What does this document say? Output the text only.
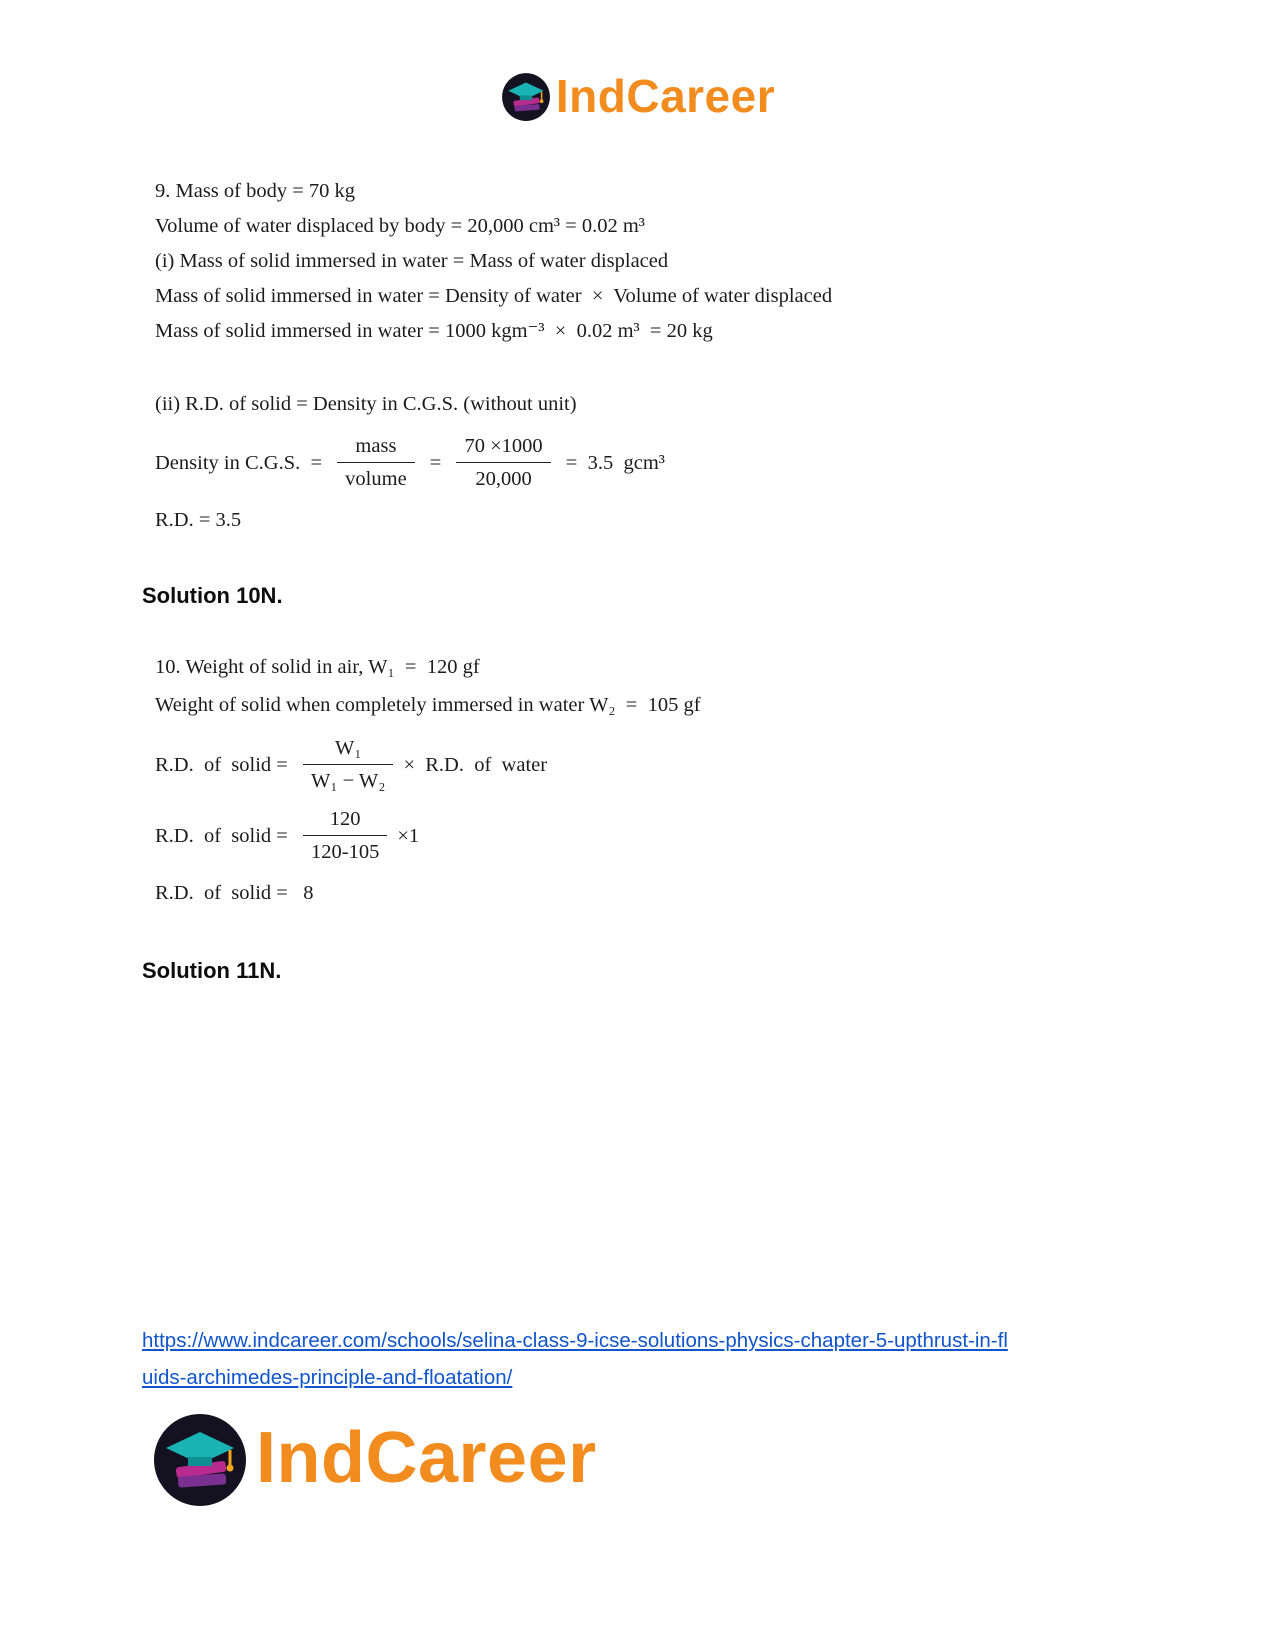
IndCareer
9. Mass of body = 70 kg
Volume of water displaced by body = 20,000 cm³ = 0.02 m³
(i) Mass of solid immersed in water = Mass of water displaced
Mass of solid immersed in water = Density of water  ×  Volume of water displaced
Mass of solid immersed in water = 1000 kgm⁻³  ×  0.02 m³  = 20 kg
(ii) R.D. of solid = Density in C.G.S. (without unit)
Density in C.G.S.  = $\frac{\text{mass}}{\text{volume}} = \frac{70 \times 1000}{20,000} = 3.5$  gcm³
R.D. = 3.5
Solution 10N.
10. Weight of solid in air, W₁  =  120 gf
Weight of solid when completely immersed in water W₂  =  105 gf
R.D.  of  solid = $\frac{\text{W₁}}{\text{W₁ − W₂}} \times R.D$.  of  water
R.D.  of  solid = $\frac{120}{120-105} \times 1$
R.D.  of  solid =   8
Solution 11N.
https://www.indcareer.com/schools/selina-class-9-icse-solutions-physics-chapter-5-upthrust-in-fl
uids-archimedes-principle-and-floatation/
IndCareer
